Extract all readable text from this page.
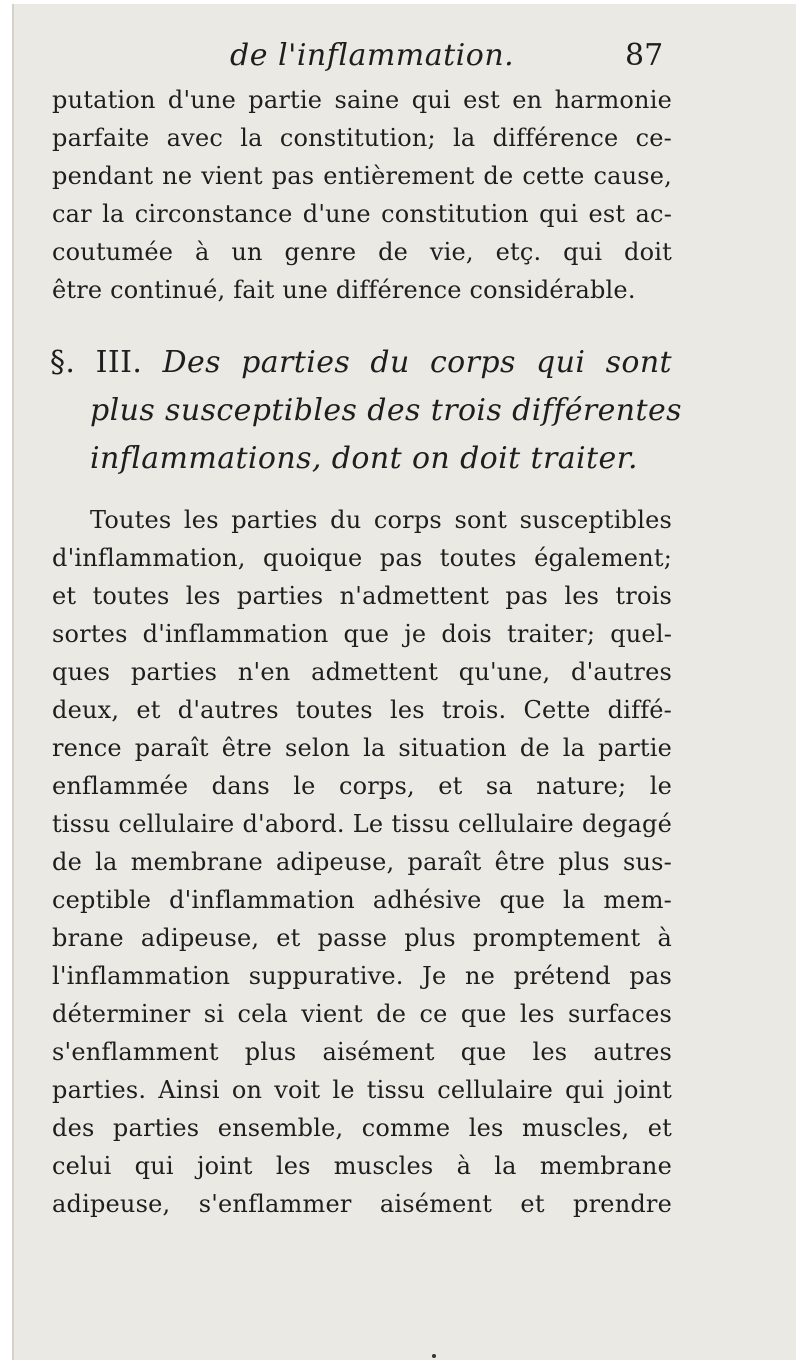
de l'inflammation.	87
putation d'une partie saine qui est en harmonie
parfaite avec la constitution; la différence ce-
pendant ne vient pas entièrement de cette cause,
car la circonstance d'une constitution qui est ac-
coutumée à un genre de vie, etç. qui doit
être continué, fait une différence considérable.
§. III. Des parties du corps qui sont
plus susceptibles des trois différentes
inflammations, dont on doit traiter.
Toutes les parties du corps sont susceptibles
d'inflammation, quoique pas toutes également;
et toutes les parties n'admettent pas les trois
sortes d'inflammation que je dois traiter; quel-
ques parties n'en admettent qu'une, d'autres
deux, et d'autres toutes les trois. Cette diffé-
rence paraît être selon la situation de la partie
enflammée dans le corps, et sa nature; le
tissu cellulaire d'abord. Le tissu cellulaire degagé
de la membrane adipeuse, paraît être plus sus-
ceptible d'inflammation adhésive que la mem-
brane adipeuse, et passe plus promptement à
l'inflammation suppurative. Je ne prétend pas
déterminer si cela vient de ce que les surfaces
s'enflamment plus aisément que les autres
parties. Ainsi on voit le tissu cellulaire qui joint
des parties ensemble, comme les muscles, et
celui qui joint les muscles à la membrane
adipeuse, s'enflammer aisément et prendre
